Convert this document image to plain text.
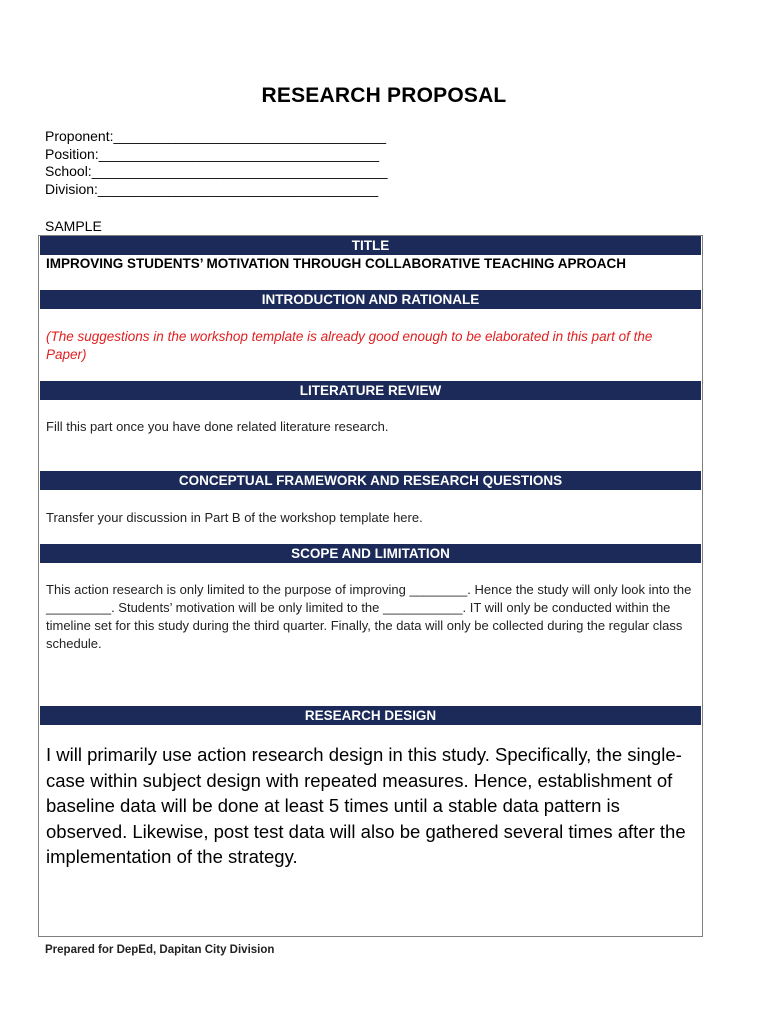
RESEARCH PROPOSAL
Proponent:___________________________________
Position:____________________________________
School:______________________________________
Division:____________________________________
SAMPLE
TITLE
IMPROVING STUDENTS’ MOTIVATION THROUGH COLLABORATIVE TEACHING APROACH
INTRODUCTION AND RATIONALE
(The suggestions in the workshop template is already good enough to be elaborated in this part of the Paper)
LITERATURE REVIEW
Fill this part once you have done related literature research.
CONCEPTUAL FRAMEWORK AND RESEARCH QUESTIONS
Transfer your discussion in Part B of the workshop template here.
SCOPE AND LIMITATION
This action research is only limited to the purpose of improving ________. Hence the study will only look into the _________. Students’ motivation will be only limited to the ___________. IT will only be conducted within the timeline set for this study during the third quarter. Finally, the data will only be collected during the regular class schedule.
RESEARCH DESIGN
I will primarily use action research design in this study. Specifically, the single-case within subject design with repeated measures. Hence, establishment of baseline data will be done at least 5 times until a stable data pattern is observed. Likewise, post test data will also be gathered several times after the implementation of the strategy.
Prepared for DepEd, Dapitan City Division
